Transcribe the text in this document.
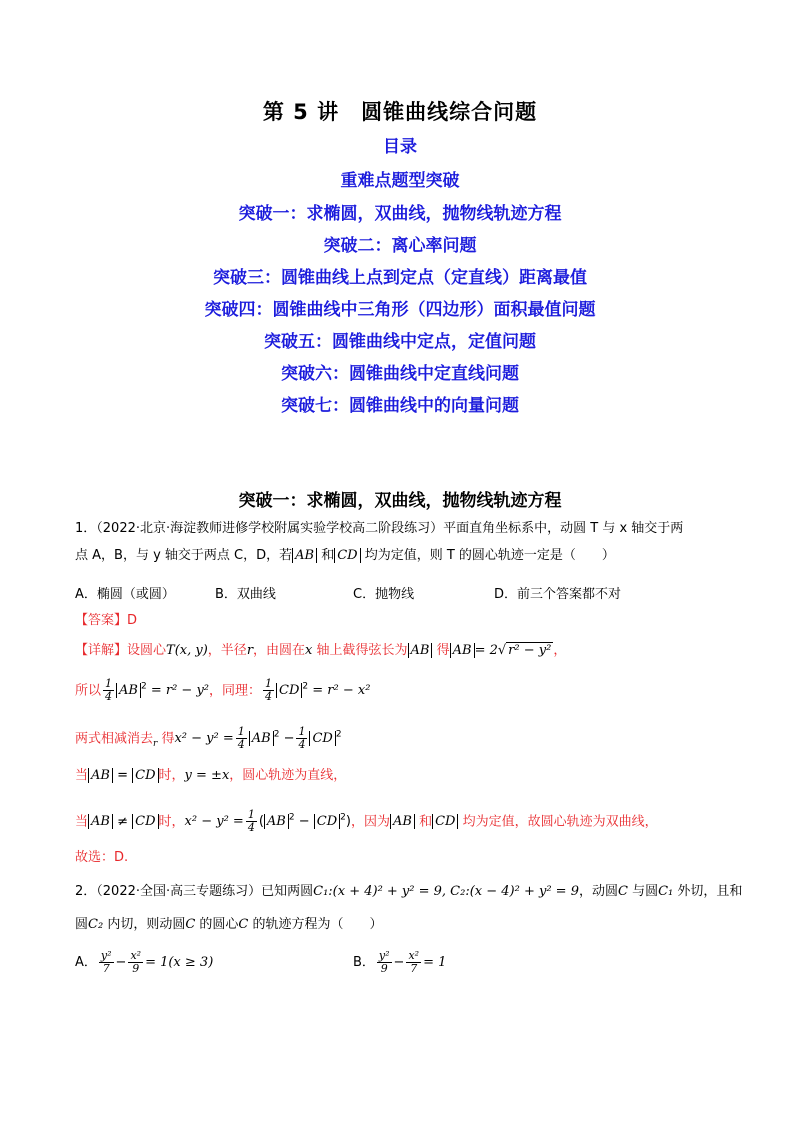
第 5 讲　圆锥曲线综合问题
目录
重难点题型突破
突破一：求椭圆，双曲线，抛物线轨迹方程
突破二：离心率问题
突破三：圆锥曲线上点到定点（定直线）距离最值
突破四：圆锥曲线中三角形（四边形）面积最值问题
突破五：圆锥曲线中定点，定值问题
突破六：圆锥曲线中定直线问题
突破七：圆锥曲线中的向量问题
突破一：求椭圆，双曲线，抛物线轨迹方程
1．（2022·北京·海淀教师进修学校附属实验学校高二阶段练习）平面直角坐标系中，动圆 T 与 x 轴交于两
点 A，B，与 y 轴交于两点 C，D，若 AB 和 CD 均为定值，则 T 的圆心轨迹一定是（　　）
A．椭圆（或圆）	B．双曲线	C．抛物线	D．前三个答案都不对
【答案】D
【详解】设圆心T(x, y)，半径r，由圆在x 轴上截得弦长为 AB 得 AB = 2√ r² − y² ，
所以 $\frac{1}{4}$ AB $^2$ = r² − y²，同理： $\frac{1}{4}$ CD $^2$ = r² − x²
两式相减消去$_r$ 得$x^2 - y^2 = \frac{1}{4}$ AB $^2 - \frac{1}{4}$ CD $^2$
当 AB = CD 时，y = ±x，圆心轨迹为直线，
当 AB ≠ CD 时，$x^2 - y^2 = \frac{1}{4}$ ( AB $^2$ − CD $^2$)，因为 AB 和 CD 均为定值，故圆心轨迹为双曲线，
故选：D.
2．（2022·全国·高三专题练习）已知两圆C₁:(x + 4)² + y² = 9, C₂:(x − 4)² + y² = 9，动圆C 与圆C₁ 外切，且和
圆C₂ 内切，则动圆C 的圆心C 的轨迹方程为（　　）
A． $\frac{\text{y²}}{7} - \frac{\text{x²}}{9} = 1(x \ge 3)$	B． $\frac{\text{y²}}{9} - \frac{\text{x²}}{7} = 1$
